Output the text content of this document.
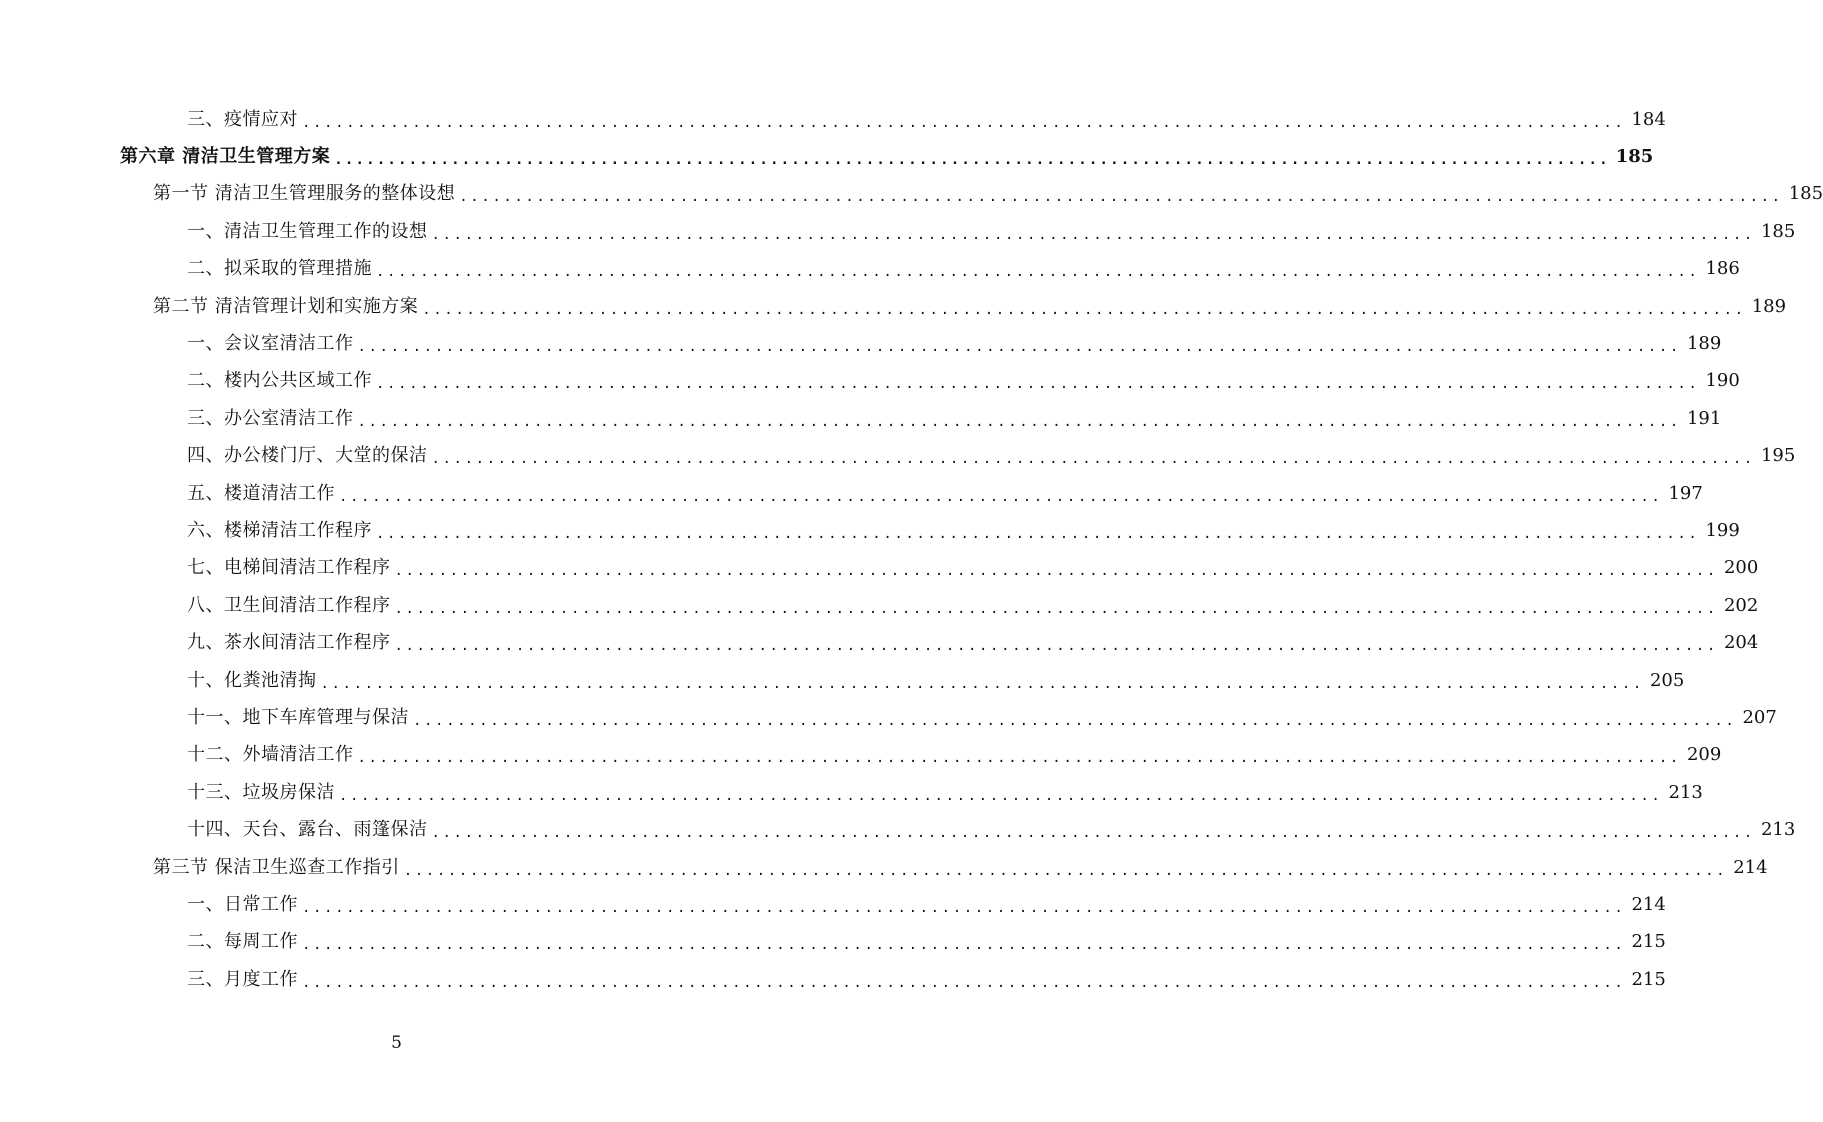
三、疫情应对 ........................................................................................................................ 184
第六章 清洁卫生管理方案 ........................................................................................................................ 185
第一节 清洁卫生管理服务的整体设想 ........................................................................................................................ 185
一、清洁卫生管理工作的设想 ........................................................................................................................ 185
二、拟采取的管理措施 ........................................................................................................................ 186
第二节 清洁管理计划和实施方案 ........................................................................................................................ 189
一、会议室清洁工作 ........................................................................................................................ 189
二、楼内公共区域工作 ........................................................................................................................ 190
三、办公室清洁工作 ........................................................................................................................ 191
四、办公楼门厅、大堂的保洁 ........................................................................................................................ 195
五、楼道清洁工作 ........................................................................................................................ 197
六、楼梯清洁工作程序 ........................................................................................................................ 199
七、电梯间清洁工作程序 ........................................................................................................................ 200
八、卫生间清洁工作程序 ........................................................................................................................ 202
九、茶水间清洁工作程序 ........................................................................................................................ 204
十、化粪池清掏 ........................................................................................................................ 205
十一、地下车库管理与保洁 ........................................................................................................................ 207
十二、外墙清洁工作 ........................................................................................................................ 209
十三、垃圾房保洁 ........................................................................................................................ 213
十四、天台、露台、雨篷保洁 ........................................................................................................................ 213
第三节 保洁卫生巡查工作指引 ........................................................................................................................ 214
一、日常工作 ........................................................................................................................ 214
二、每周工作 ........................................................................................................................ 215
三、月度工作 ........................................................................................................................ 215
5
